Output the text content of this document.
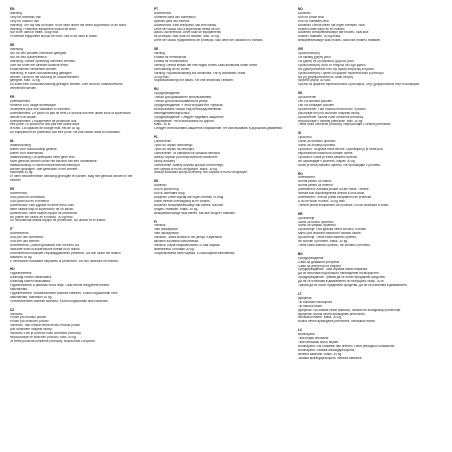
EN
Warning
Only for domestic use
Only for outdoor use
Warning: The toy has no brake.To be used under the direct supervision of an adult.
Warning: Protective equipment should be worn.
Not to be used in traffic. 30kg max.
Protective equipment should be worn. Not to be used in traffic.
DE
Warnung
Nur für den privaten Gebrauch geeignet.
Nur für den Außenbereich.
Warnung: Dieses Spielzeug hat keine Bremse.
Darf nur unter der direkten Aufsicht eines
Erwachsenen verwendet werden.
Warnung: In sollte Schutzkleidung getragen
werden. Nicht für die Nutzung im Straßenverkehr
geeignet. Max. 30 kg.
Es sollte eine Schutzausrüstung getragen werden. Darf nicht im Straßenverkehr
verwendet werden.
FR
Avertissement
Réservé à un usage domestique
Seulement pour une utilisation à l'extérieur.
Avertissement: Ce jouet n'a pas de frein.Le produit doit être utilisé sous la supervision
directe d'un adulte.
Avertissement: L'équipement de protection doit
être porté. Le produit ne doit pas être utilisé dans
le trafic. La capacité de charge max. est de 30 kg.
Un équipement de protection doit être porté. Ne pas utiliser dans la circulation.
NL
Waarschuwing
Alleen voor huishoudelijk gebruik
Alleen voor buitenshuis
Waarschuwing: Dit speelgoed heeft geen rem.
Moet gebruikt worden onder het toezicht van een volwassene.
Waarschuwing: Er dient beschermende kleding te
worden gedragen. Niet gebruiken in het verkeer.
Maximaal 30 kg.
Er dient beschermende uitrusting gedragen te worden. Mag niet gebruikt worden in het
verkeer.
ES
Advertencia
Solo para uso doméstico
Solo para uso en el exterior
Advertencia: Este juguete no tiene freno.Solo
debe usarse bajo la supervisión de un adulto.
Advertencia: Debe usarse equipo de protección.
No puede ser usado en el tráfico. 30 kg máx.
Se recomienda utilizar equipo de protección. No utilizar en el tráfico.
IT
Avvertimento
Solo per uso domestico
Solo per uso esterno
Avvertimento: Questo giocattolo non ha freno.Da
utilizzare sotto la supervisione diretta di un adulto.
Avvertimento:Indossare l'equipaggiamento protettivo. Da non usare nel traffico.
Massimo 30 kg.
È necessario indossare dispositivi di protezione. Da non utilizzare nel traffico.
HU
Figyelmeztetés
Kizárólag otthoni használatra.
Kizárólag kültéri használatra.
Figyelmeztetés: A játéknak nincs fékje. Csak felnőtt felügyelete mellett
használható.
Figyelmeztetés: Védőfelszerelés viselése kötelező. Közúti forgalomban nem
használható. Maximum 30 kg.
Védőfelszerelés viselése kötelező. Közúti forgalomban tilos használni.
CZ
Varování
Pouze pro domácí použití
Pouze pro venkovní použití
Varování: Tato hračka nemá brzdu.Produkt pouze
pod dohledem dospělé osoby.
Varování: Děti je povinno nosit ochranné pomůcky.
Nepoužívejte ve silničním provozu. Max. 30 kg.
Je třeba používat ochranné pomůcky. Nepoužívat v dopravě.
PT
Advertência
Somente para uso doméstico
Apenas para uso exterior
Advertência: Este brinquedo não tem travão.
Deve ser usado sob a supervisão direta de um
adulto. Advertência: Deve usar-se equipamento
de proteção. Não usar no trânsito. Máx. 30 kg.
Deve ser usado equipamento de proteção. Não deve ser utilizado no trânsito.
SE
Varning
Endast för hemmabruk
Endast för utomhusbruk
Varning: Denna leksak har inte någon broms.Skall användas under direkt
övervakning av en vuxen.
Varning: Skyddsutrustning bör användas. Får ej användas i trafik.
30 kg max.
Skyddsutrustning bör bäras. Får inte användas i trafiken.
RU
Предупреждение
Только для домашнего использования
Только для использования на улице
Предупреждение: У этой игрушки нет тормоза.
Использовать только под непосредственным
наблюдением взрослых.
Предупреждение: Следует надевать защитное
снаряжение. Не использовать на дороге.
Макс. 30 кг.
Следует использовать защитное снаряжение. Не использовать в дорожном движении.
PL
Ostrzeżenie
Tylko do użytku domowego
Tylko do użytku na zewnątrz
Ostrzeżenie: Ta zabawka nie posiada hamulca.
Należy używać pod bezpośrednim nadzorem
osoby dorosłej.
Ostrzeżenie: Należy używać sprzętu ochronnego.
Nie używać w ruchu drogowym. Maks. 30 kg.
Należy stosować sprzęt ochronny. Nie używać w ruchu drogowym.
DK
Advarsel
Kun til privat brug
Kun til udendørs brug
Advarsel: Dette legetøj har ingen bremse.Til brug
under direkte overvågning af en voksen.
Advarsel: Beskyttelsesudstyr bør bæres. Må ikke
bruges i trafikken. Maks. 30 kg.
Beskyttelsesudstyr skal bæres. Må ikke bruges i trafikken.
FI
Varoitus
Vain kotikäyttöön
Vain ulkokäyttöön
Varoitus: Tässä lelussa ei ole jarruja. Käytettävä
aikuisen suorassa valvonnassa.
Varoitus: Käytä suojavarusteita. Ei saa käyttää
liikenteessä. Enintään 30 kg.
Suojavarusteita tulee käyttää. Ei saa käyttää liikenteessä.
NO
Advarsel
Kun for privat bruk
Kun for utendørs bruk
Advarsel: Denne leken har ingen bremser. Skal
brukes under tilsyn av en voksen.
Advarsel: Beskyttelsesutstyr bør brukes. Skal ikke
brukes i trafikken. 30 kg maks.
Beskyttelsesutstyr skal brukes. Skal ikke brukes i trafikken.
GR
Προειδοποίηση
Για οικιακή χρήση μόνο
Για χρήση σε εξωτερικούς χώρους μόνο
Προειδοποίηση: Αυτό το παιχνίδι δεν έχει φρένο.
Να χρησιμοποιείται υπό την άμεση επίβλεψη ενηλίκου.
Προειδοποίηση: Πρέπει να φοράτε προστατευτικό εξοπλισμό.
Να μη χρησιμοποιείται σε οδική κίνηση.
Μέγιστο βάρος 30 κιλά.
Πρέπει να φοριέται προστατευτικός εξοπλισμός. Μην χρησιμοποιείτε στην κυκλοφορία.
SK
Upozornenie
Len na domáce použitie
Len na vonkajšie použitie
Upozornenie: Táto hračka nemá brzdu. Výrobok
používajte len pod dozorom dospelej osoby.
Upozornenie: Musíte nosiť ochranné pomôcky.
Nepoužívajte v cestnej premávke. Max. 30 kg.
Treba nosiť ochranné pomôcky. Nepoužívajte v cestnej premávke.
SI
Opozorilo
Samo za domačo uporabo
Samo za zunanjo uporabo
Opozorilo: Ta igrača nima zavore. Uporabljati jo je treba pod
neposrednim nadzorom odrasle osebe.
Opozorilo: Nositi je treba zaščitno opremo.
Ne uporabljajte v prometu. Največ 30 kg.
Nositi je treba zaščitno opremo. Ne uporabljajte v prometu.
RO
Avertisment
Numai pentru uz casnic
Numai pentru uz exterior
Avertisment: Această jucărie nu are frână. Trebuie
folosită sub supravegherea directă a unui adult.
Avertisment: Trebuie purtat echipament de protecție.
A nu se folosi în trafic. 30 kg max.
Trebuie purtat echipament de protecție. Nu se utilizează în trafic.
HR
Upozorenje
Samo za kućnu upotrebu
Samo za vanjsku upotrebu
Upozorenje: Ova igračka nema kočnicu. Koristiti
samo pod izravnim nadzorom odrasle osobe.
Upozorenje: Treba nositi zaštitnu opremu.
Ne koristiti u prometu. Maks. 30 kg.
Treba nositi zaštitnu opremu. Ne koristiti u prometu.
BG
Предупреждение
Само за домашна употреба
Само за употреба на открито
Предупреждение: Тази играчка няма спирачка.
Да се използва под прякото наблюдение на възрастен.
Предупреждение: Трябва да се носят предпазни средства.
Да не се използва в движението по пътищата. Макс. 30 кг.
Трябва да се носят предпазни средства. Да не се използва в движението.
LT
Įspėjimas
Tik buitiniam naudojimui
Tik naudoti lauke
Įspėjimas: Šis žaislas neturi stabdžių. Naudoti tik suaugusiojo priežiūroje.
Įspėjimas: Būtina dėvėti apsaugines priemones.
Nenaudoti eisme. Maks. 30 kg.
Būtina dėvėti apsaugines priemones. Nenaudoti eisme.
LV
Brīdinājums
Tikai mājas lietošanai
Tikai lietošanai ārpus telpām
Brīdinājums: Šai rotaļlietai nav bremžu. Lietot pieaugušo uzraudzībā.
Brīdinājums: Jāvalkā aizsargaprīkojums.
Nelietot satiksmē. Maks. 30 kg.
Jāvalkā aizsargaprīkojums. Nelietot satiksmē.
